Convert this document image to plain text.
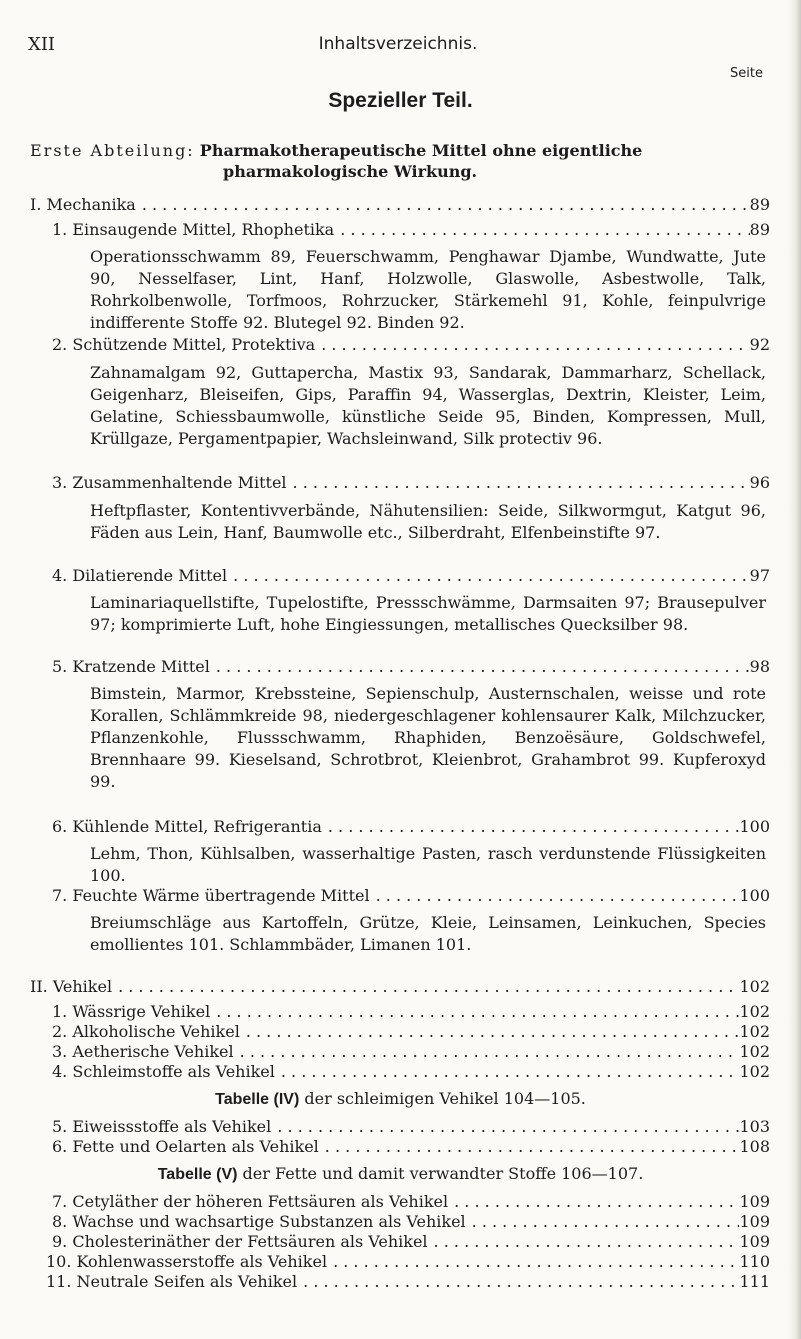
XII	Inhaltsverzeichnis.
Seite
Spezieller Teil.
Erste Abteilung: Pharmakotherapeutische Mittel ohne eigentliche
pharmakologische Wirkung.
I. Mechanika . . .	89
1. Einsaugende Mittel, Rhophetika . . .	89
Operationsschwamm 89, Feuerschwamm, Penghawar Djambe, Wundwatte, Jute 90, Nesselfaser, Lint, Hanf, Holzwolle, Glaswolle, Asbestwolle, Talk, Rohrkolbenwolle, Torfmoos, Rohrzucker, Stärkemehl 91, Kohle, feinpulvrige indifferente Stoffe 92. Blutegel 92. Binden 92.
2. Schützende Mittel, Protektiva . . .	92
Zahnamalgam 92, Guttapercha, Mastix 93, Sandarak, Dammarharz, Schellack, Geigenharz, Bleiseifen, Gips, Paraffin 94, Wasserglas, Dextrin, Kleister, Leim, Gelatine, Schiessbaumwolle, künstliche Seide 95, Binden, Kompressen, Mull, Krüllgaze, Pergamentpapier, Wachsleinwand, Silk protectiv 96.
3. Zusammenhaltende Mittel . . .	96
Heftpflaster, Kontentivverbände, Nähutensilien: Seide, Silkwormgut, Katgut 96, Fäden aus Lein, Hanf, Baumwolle etc., Silberdraht, Elfenbeinstifte 97.
4. Dilatierende Mittel . . .	97
Laminariaquellstifte, Tupelostifte, Pressschwämme, Darmsaiten 97; Brausepulver 97; komprimierte Luft, hohe Eingiessungen, metallisches Quecksilber 98.
5. Kratzende Mittel . . .	98
Bimstein, Marmor, Krebssteine, Sepienschulp, Austernschalen, weisse und rote Korallen, Schlämmkreide 98, niedergeschlagener kohlensaurer Kalk, Milchzucker, Pflanzenkohle, Flussschwamm, Rhaphiden, Benzoësäure, Goldschwefel, Brennhaare 99. Kieselsand, Schrotbrot, Kleienbrot, Grahambrot 99. Kupferoxyd 99.
6. Kühlende Mittel, Refrigerantia . . .	100
Lehm, Thon, Kühlsalben, wasserhaltige Pasten, rasch verdunstende Flüssigkeiten 100.
7. Feuchte Wärme übertragende Mittel . . .	100
Breiumschläge aus Kartoffeln, Grütze, Kleie, Leinsamen, Leinkuchen, Species emollientes 101. Schlammbäder, Limanen 101.
II. Vehikel . . .	102
1. Wässrige Vehikel . . .	102
2. Alkoholische Vehikel . . .	102
3. Aetherische Vehikel . . .	102
4. Schleimstoffe als Vehikel . . .	102
Tabelle (IV) der schleimigen Vehikel 104—105.
5. Eiweissstoffe als Vehikel . . .	103
6. Fette und Oelarten als Vehikel . . .	108
Tabelle (V) der Fette und damit verwandter Stoffe 106—107.
7. Cetyläther der höheren Fettsäuren als Vehikel . . .	109
8. Wachse und wachsartige Substanzen als Vehikel . . .	109
9. Cholesterinäther der Fettsäuren als Vehikel . . .	109
10. Kohlenwasserstoffe als Vehikel . . .	110
11. Neutrale Seifen als Vehikel . . .	111
